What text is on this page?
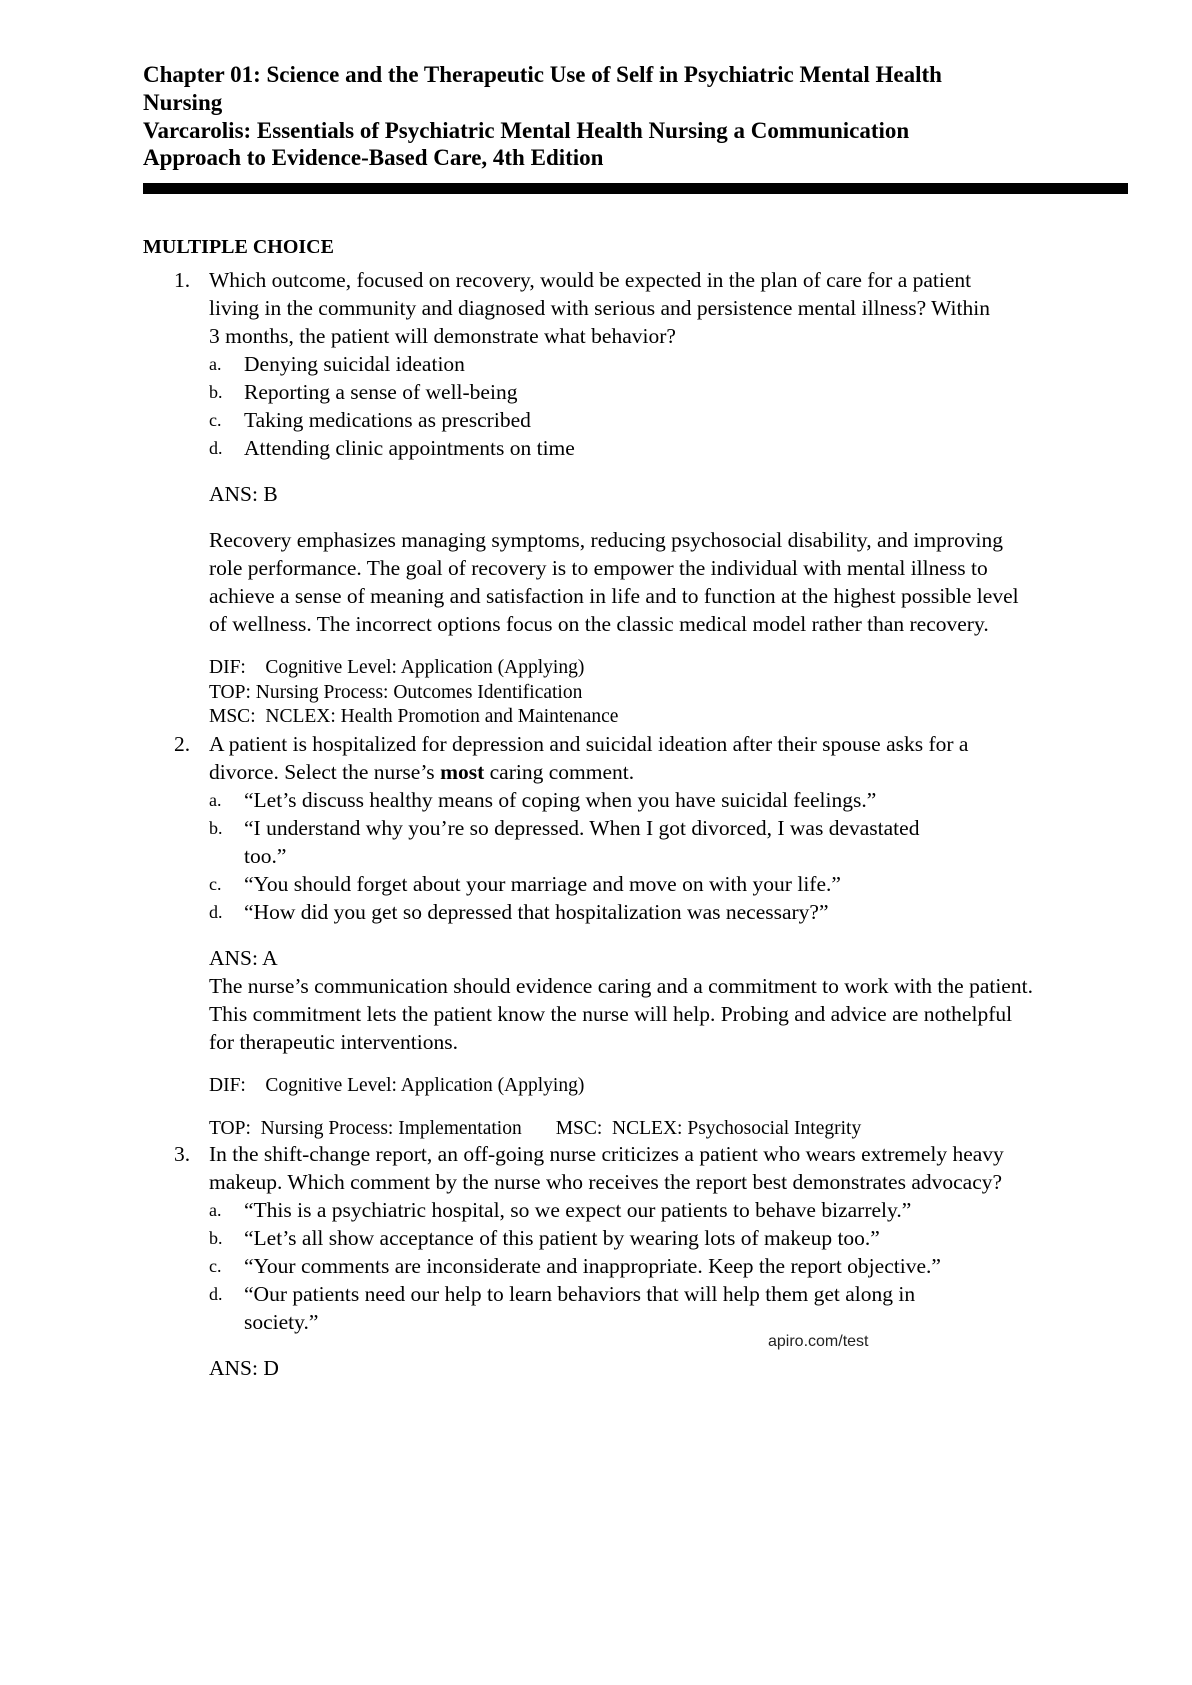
Chapter 01: Science and the Therapeutic Use of Self in Psychiatric Mental Health
Nursing
Varcarolis: Essentials of Psychiatric Mental Health Nursing a Communication
Approach to Evidence-Based Care, 4th Edition
MULTIPLE CHOICE
1. Which outcome, focused on recovery, would be expected in the plan of care for a patient
living in the community and diagnosed with serious and persistence mental illness? Within
3 months, the patient will demonstrate what behavior?
a. Denying suicidal ideation
b. Reporting a sense of well-being
c. Taking medications as prescribed
d. Attending clinic appointments on time
ANS: B
Recovery emphasizes managing symptoms, reducing psychosocial disability, and improving
role performance. The goal of recovery is to empower the individual with mental illness to
achieve a sense of meaning and satisfaction in life and to function at the highest possible level
of wellness. The incorrect options focus on the classic medical model rather than recovery.
DIF:    Cognitive Level: Application (Applying)
TOP: Nursing Process: Outcomes Identification
MSC:  NCLEX: Health Promotion and Maintenance
2. A patient is hospitalized for depression and suicidal ideation after their spouse asks for a
divorce. Select the nurse’s most caring comment.
a. “Let’s discuss healthy means of coping when you have suicidal feelings.”
b. “I understand why you’re so depressed. When I got divorced, I was devastated
too.”
c. “You should forget about your marriage and move on with your life.”
d. “How did you get so depressed that hospitalization was necessary?”
ANS: A
The nurse’s communication should evidence caring and a commitment to work with the patient.
This commitment lets the patient know the nurse will help. Probing and advice are nothelpful
for therapeutic interventions.
DIF:    Cognitive Level: Application (Applying)
TOP:  Nursing Process: Implementation MSC:  NCLEX: Psychosocial Integrity
3. In the shift-change report, an off-going nurse criticizes a patient who wears extremely heavy
makeup. Which comment by the nurse who receives the report best demonstrates advocacy?
a. “This is a psychiatric hospital, so we expect our patients to behave bizarrely.”
b. “Let’s all show acceptance of this patient by wearing lots of makeup too.”
c. “Your comments are inconsiderate and inappropriate. Keep the report objective.”
d. “Our patients need our help to learn behaviors that will help them get along in
society.”
ANS: D
apiro.com/test
